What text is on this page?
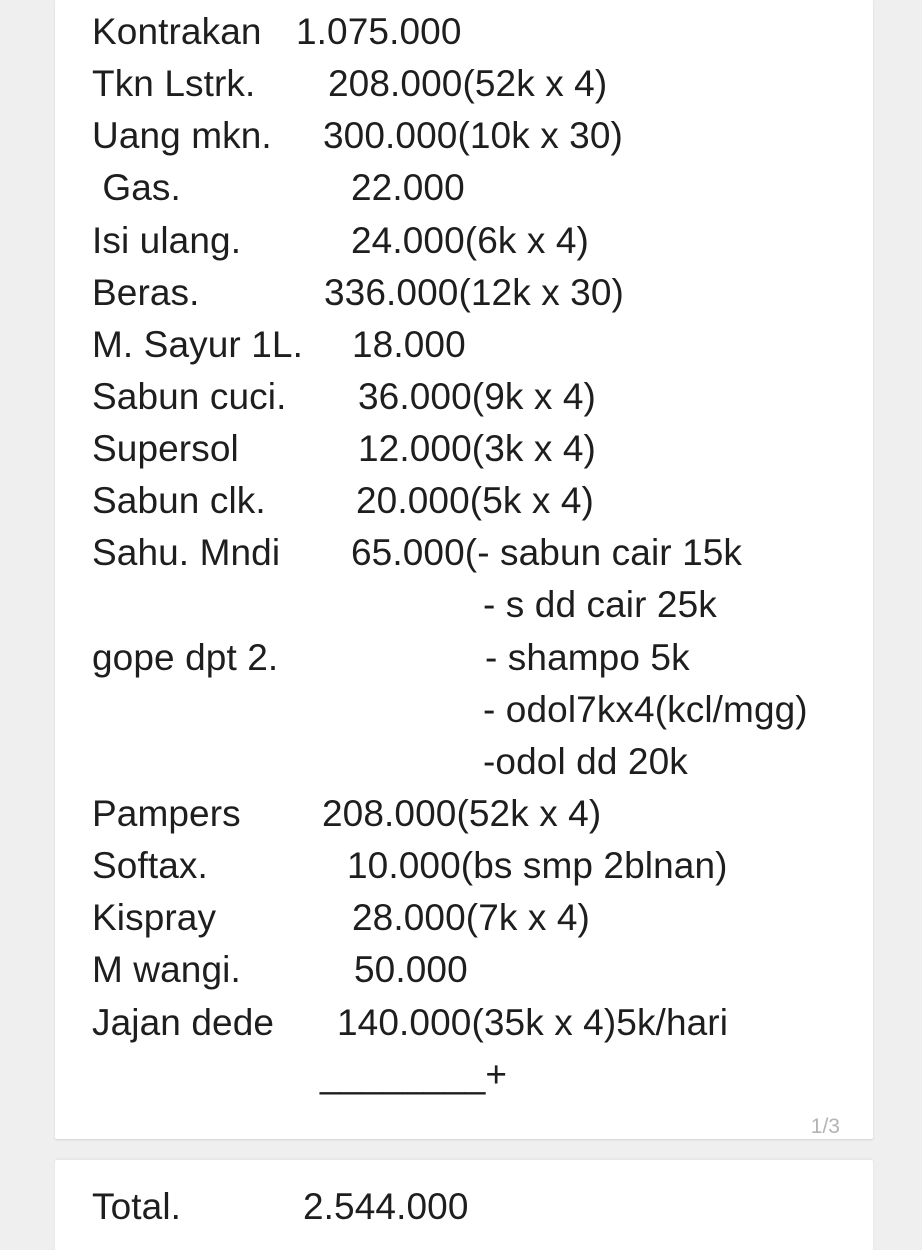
Kontrakan 1.075.000
Tkn Lstrk. 208.000(52k x 4)
Uang mkn. 300.000(10k x 30)
Gas.	22.000
Isi ulang.	24.000(6k x 4)
Beras.	336.000(12k x 30)
M. Sayur 1L. 18.000
Sabun cuci. 36.000(9k x 4)
Supersol	12.000(3k x 4)
Sabun clk. 20.000(5k x 4)
Sahu. Mndi 65.000(- sabun cair 15k
- s dd cair 25k
gope dpt 2.	- shampo 5k
- odol7kx4(kcl/mgg)
-odol dd 20k
Pampers 208.000(52k x 4)
Softax.	10.000(bs smp 2blnan)
Kispray	28.000(7k x 4)
M wangi.	50.000
Jajan dede 140.000(35k x 4)5k/hari
________+
1/3
Total.	2.544.000
